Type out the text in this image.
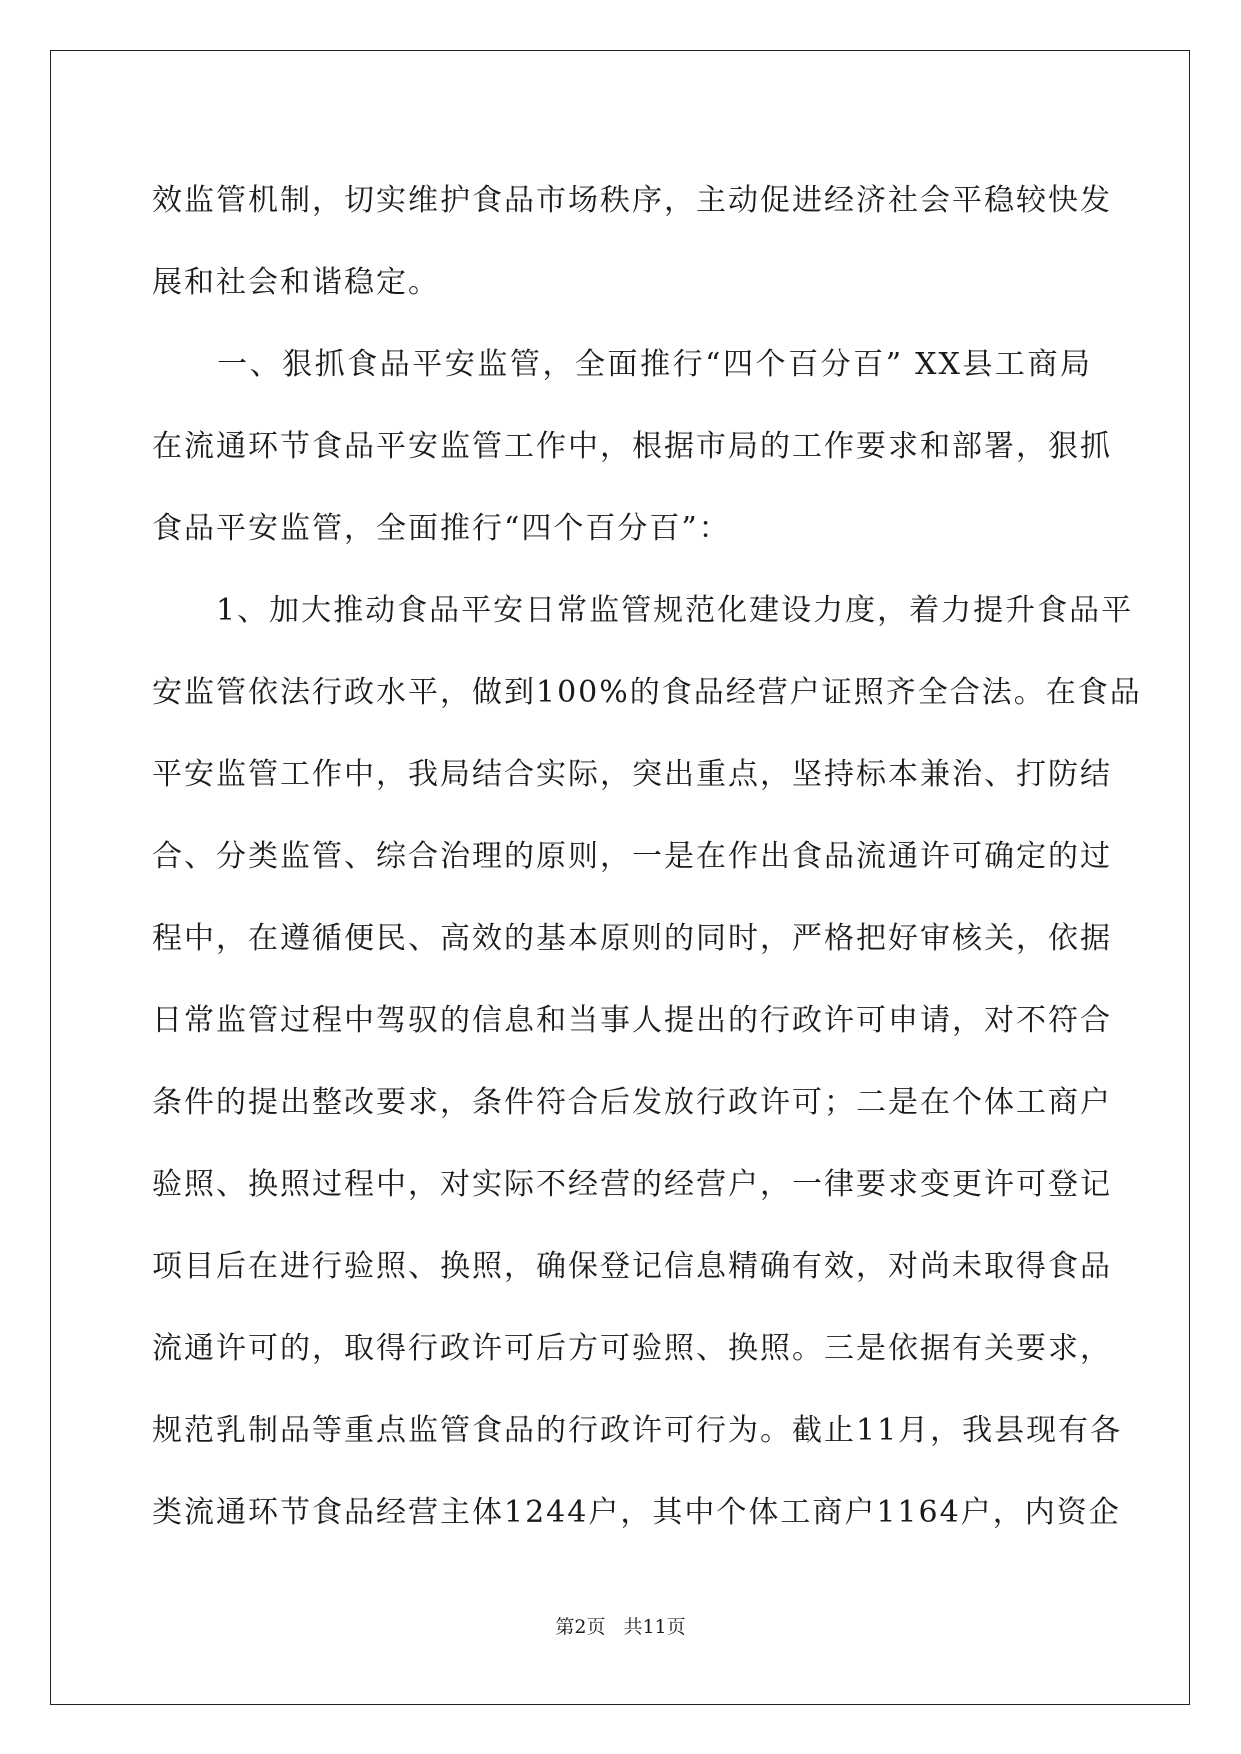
效监管机制，切实维护食品市场秩序，主动促进经济社会平稳较快发
展和社会和谐稳定。
　　一、狠抓食品平安监管，全面推行“四个百分百” XX县工商局
在流通环节食品平安监管工作中，根据市局的工作要求和部署，狠抓
食品平安监管，全面推行“四个百分百”：
　　1、加大推动食品平安日常监管规范化建设力度，着力提升食品平
安监管依法行政水平，做到100%的食品经营户证照齐全合法。在食品
平安监管工作中，我局结合实际，突出重点，坚持标本兼治、打防结
合、分类监管、综合治理的原则，一是在作出食品流通许可确定的过
程中，在遵循便民、高效的基本原则的同时，严格把好审核关，依据
日常监管过程中驾驭的信息和当事人提出的行政许可申请，对不符合
条件的提出整改要求，条件符合后发放行政许可；二是在个体工商户
验照、换照过程中，对实际不经营的经营户，一律要求变更许可登记
项目后在进行验照、换照，确保登记信息精确有效，对尚未取得食品
流通许可的，取得行政许可后方可验照、换照。三是依据有关要求，
规范乳制品等重点监管食品的行政许可行为。截止11月，我县现有各
类流通环节食品经营主体1244户，其中个体工商户1164户，内资企
第2页 共11页
